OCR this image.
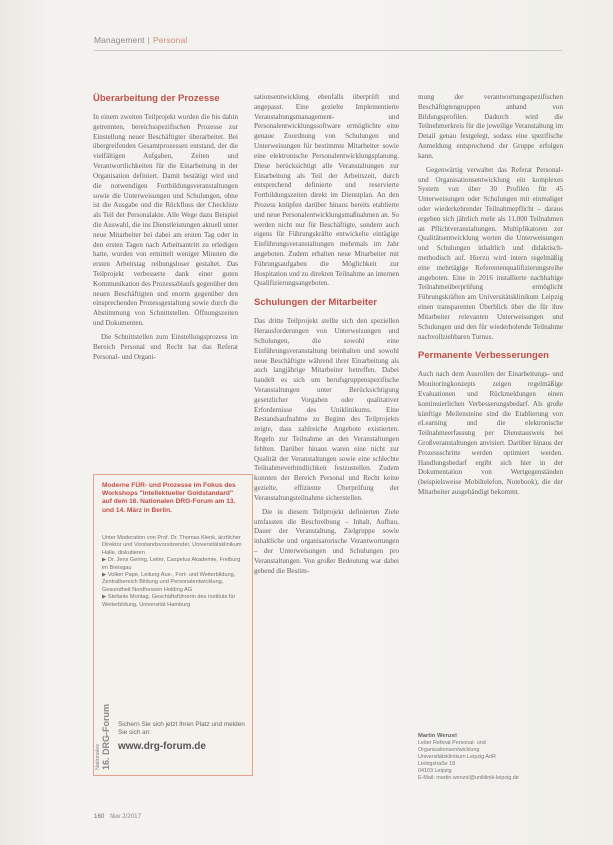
Management | Personal
Überarbeitung der Prozesse

In einem zweiten Teilprojekt wurden die bis dahin getrennten, bereichsspezifischen Prozesse zur Einstellung neuer Beschäftigter überarbeitet. Bei übergreifenden Gesamtprozessen entstand, der die vielfältigen Aufgaben, Zeiten und Verantwortlichkeiten für die Einarbeitung in der Organisation definiert. Damit bestätigt wird und die notwendigen Fortbildungsveranstaltungen sowie die Unterweisungen und Schulungen, ohne ist die Ausgabe und die Rückfluss der Checkliste als Teil der Personalakte. Alle Wege dazu Beispiel die Auswahl, die ins Dienstleistungen aktuell unter neue Mitarbeiter bei dabei am ersten Tag oder in den ersten Tagen nach Arbeitsantritt zu erledigen hatte, wurden von ermittelt weniger Minuten die ersten Arbeitstag reibungsloser gestaltet. Das Teilprojekt verbesserte dank einer guten Kommunikation des Prozessablaufs gegenüber den neuen Beschäftigten und enorm gegenüber den einsprechenden Prozessgestaltung sowie durch die Abstimmung von Schnittstellen. Öffnungszeiten und Dokumenten.

Die Schnittstellen zum Einstellungsprozess im Bereich Personal und Recht hat das Referat Personal- und Organi-

sationsentwicklung ebenfalls überprüft und angepasst. Eine gezielte Implementierte Veranstaltungsmanagement- und Personalentwicklungssoftware ermöglichte eine genaue Zuordnung von Schulungen und Unterweisungen für bestimmte Mitarbeiter sowie eine elektronische Personalentwicklungsplanung. Diese berücksichtigt alle Veranstaltungen zur Einarbeitung als Teil der Arbeitszeit, durch entsprechend definierte und reservierte Fortbildungszeiten direkt im Dienstplan. An den Prozess knüpfen darüber hinaus bereits etablierte und neue Personalentwicklungsmaßnahmen an. So werden nicht nur für Beschäftigte, sondern auch eigens für Führungskräfte entwickelte eintägige Einführungsveranstaltungen mehrmals im Jahr angeboten. Zudem erhalten neue Mitarbeiter mit Führungsaufgaben die Möglichkeit zur Hospitation und zu direkten Teilnahme an internen Qualifizierungsangeboten.

Schulungen der Mitarbeiter

Das dritte Teilprojekt stellte sich den speziellen Herausforderungen von Unterweisungen und Schulungen, die sowohl eine Einführungsveranstaltung beinhalten und sowohl neue Beschäftigte während ihrer Einarbeitung als auch langjährige Mitarbeiter betreffen. Dabei handelt es sich um berufsgruppenspezifische Veranstaltungen unter Berücksichtigung gesetzlicher Vorgaben oder qualitativer Erfordernisse des Uniklinikums. Eine Bestandsaufnahme zu Beginn des Teilprojekts zeigte, dass zahlreiche Angebote existierten. Regeln zur Teilnahme an den Veranstaltungen fehlten. Darüber hinaus waren eine nicht zur Qualität der Veranstaltungen sowie eine schlechte Teilnahmeverbindlichkeit festzustellen. Zudem konnten der Bereich Personal und Recht keine gezielte, effiziente Überprüfung der Veranstaltungsteilnahme sicherstellen.

Die in diesem Teilprojekt definierten Ziele umfassten die Beschreibung – Inhalt, Aufbau, Dauer der Veranstaltung, Zielgruppe sowie inhaltliche und organisatorische Verantwortungen – der Unterweisungen und Schulungen pro Veranstaltungen. Von großer Bedeutung war dabei gebend die Bestim-

mung der verantwortungsspezifischen Beschäftigtengruppen anhand von Bildungsprofilen. Dadurch wird die Teilnehmerkreis für die jeweilige Veranstaltung im Detail genau festgelegt, sodass eine spezifische Anmeldung entsprechend der Gruppe erfolgen kann.

Gegenwärtig verwaltet das Referat Personal- und Organisationsentwicklung ein komplexes System von über 30 Profilen für 45 Unterweisungen oder Schulungen mit einmaliger oder wiederkehrender Teilnahmepflicht – daraus ergeben sich jährlich mehr als 11.000 Teilnahmen an Pflichtveranstaltungen. Multiplikatoren zur Qualitätsentwicklung werten die Unterweisungen und Schulungen inhaltlich und didaktisch-methodisch auf. Hierzu wird intern regelmäßig eine mehrtägige Referentenqualifizierungsreihe angeboten. Eine in 2016 installierte nachhaltige Teilnahmeüberprüfung ermöglicht Führungskräften am Universitätsklinikum Leipzig einen transparenten Überblick über die für ihre Mitarbeiter relevanten Unterweisungen und Schulungen und den für wiederholende Teilnahme nachvollziehbaren Turnus.

Permanente Verbesserungen

Auch nach dem Ausrollen der Einarbeitungs- und Monitoringkonzepts zeigen regelmäßige Evaluationen und Rückmeldungen einen kontinuierlichen Verbesserungsbedarf. Als große künftige Meilensteine sind die Etablierung von eLearning und die elektronische Teilnahmeerfassung per Dienstausweis bei Großveranstaltungen anvisiert. Darüber hinaus der Prozessschritte werden optimiert werden. Handlungsbedarf ergibt sich hier in der Dokumentation von Wertgegenständen (beispielsweise Mobiltelefon, Notebook), die der Mitarbeiter ausgehändigt bekommt.

Moderne FÜR- und Prozesse im Fokus des Workshops "Intellektueller Goldstandard" auf dem 16. Nationalen DRG-Forum am 13. und 14. März in Berlin.
Unter Moderation von Prof. Dr. Thomas Klenk, ärztlicher Direktor und Vorstandsvorsitzender, Universitätsklinikum Halle, diskutieren
▶ Dr. Jens Gering, Leiter, Caspetus Akademie, Freiburg im Breisgau
▶ Volker Pape, Leitung Aus-, Fort- und Weiterbildung, Zentralbereich Bildung und Personalentwicklung, Gesundheit Nordhessen Holding AG
▶ Stefanie Montag, Geschäftsführerin des Instituts für Weiterbildung, Universität Hamburg
Sichern Sie sich jetzt Ihren Platz und melden Sie sich an:
www.drg-forum.de
Nationales 16. DRG-Forum	Martin Wenzel
Leiter Referat Personal- und
Organisationsentwicklung
Universitätsklinikum Leipzig AöR
Liebigstraße 18
04103 Leipzig
E-Mail: martin.wenzel@uniklinik-leipzig.de
160 f&w 2/2017
